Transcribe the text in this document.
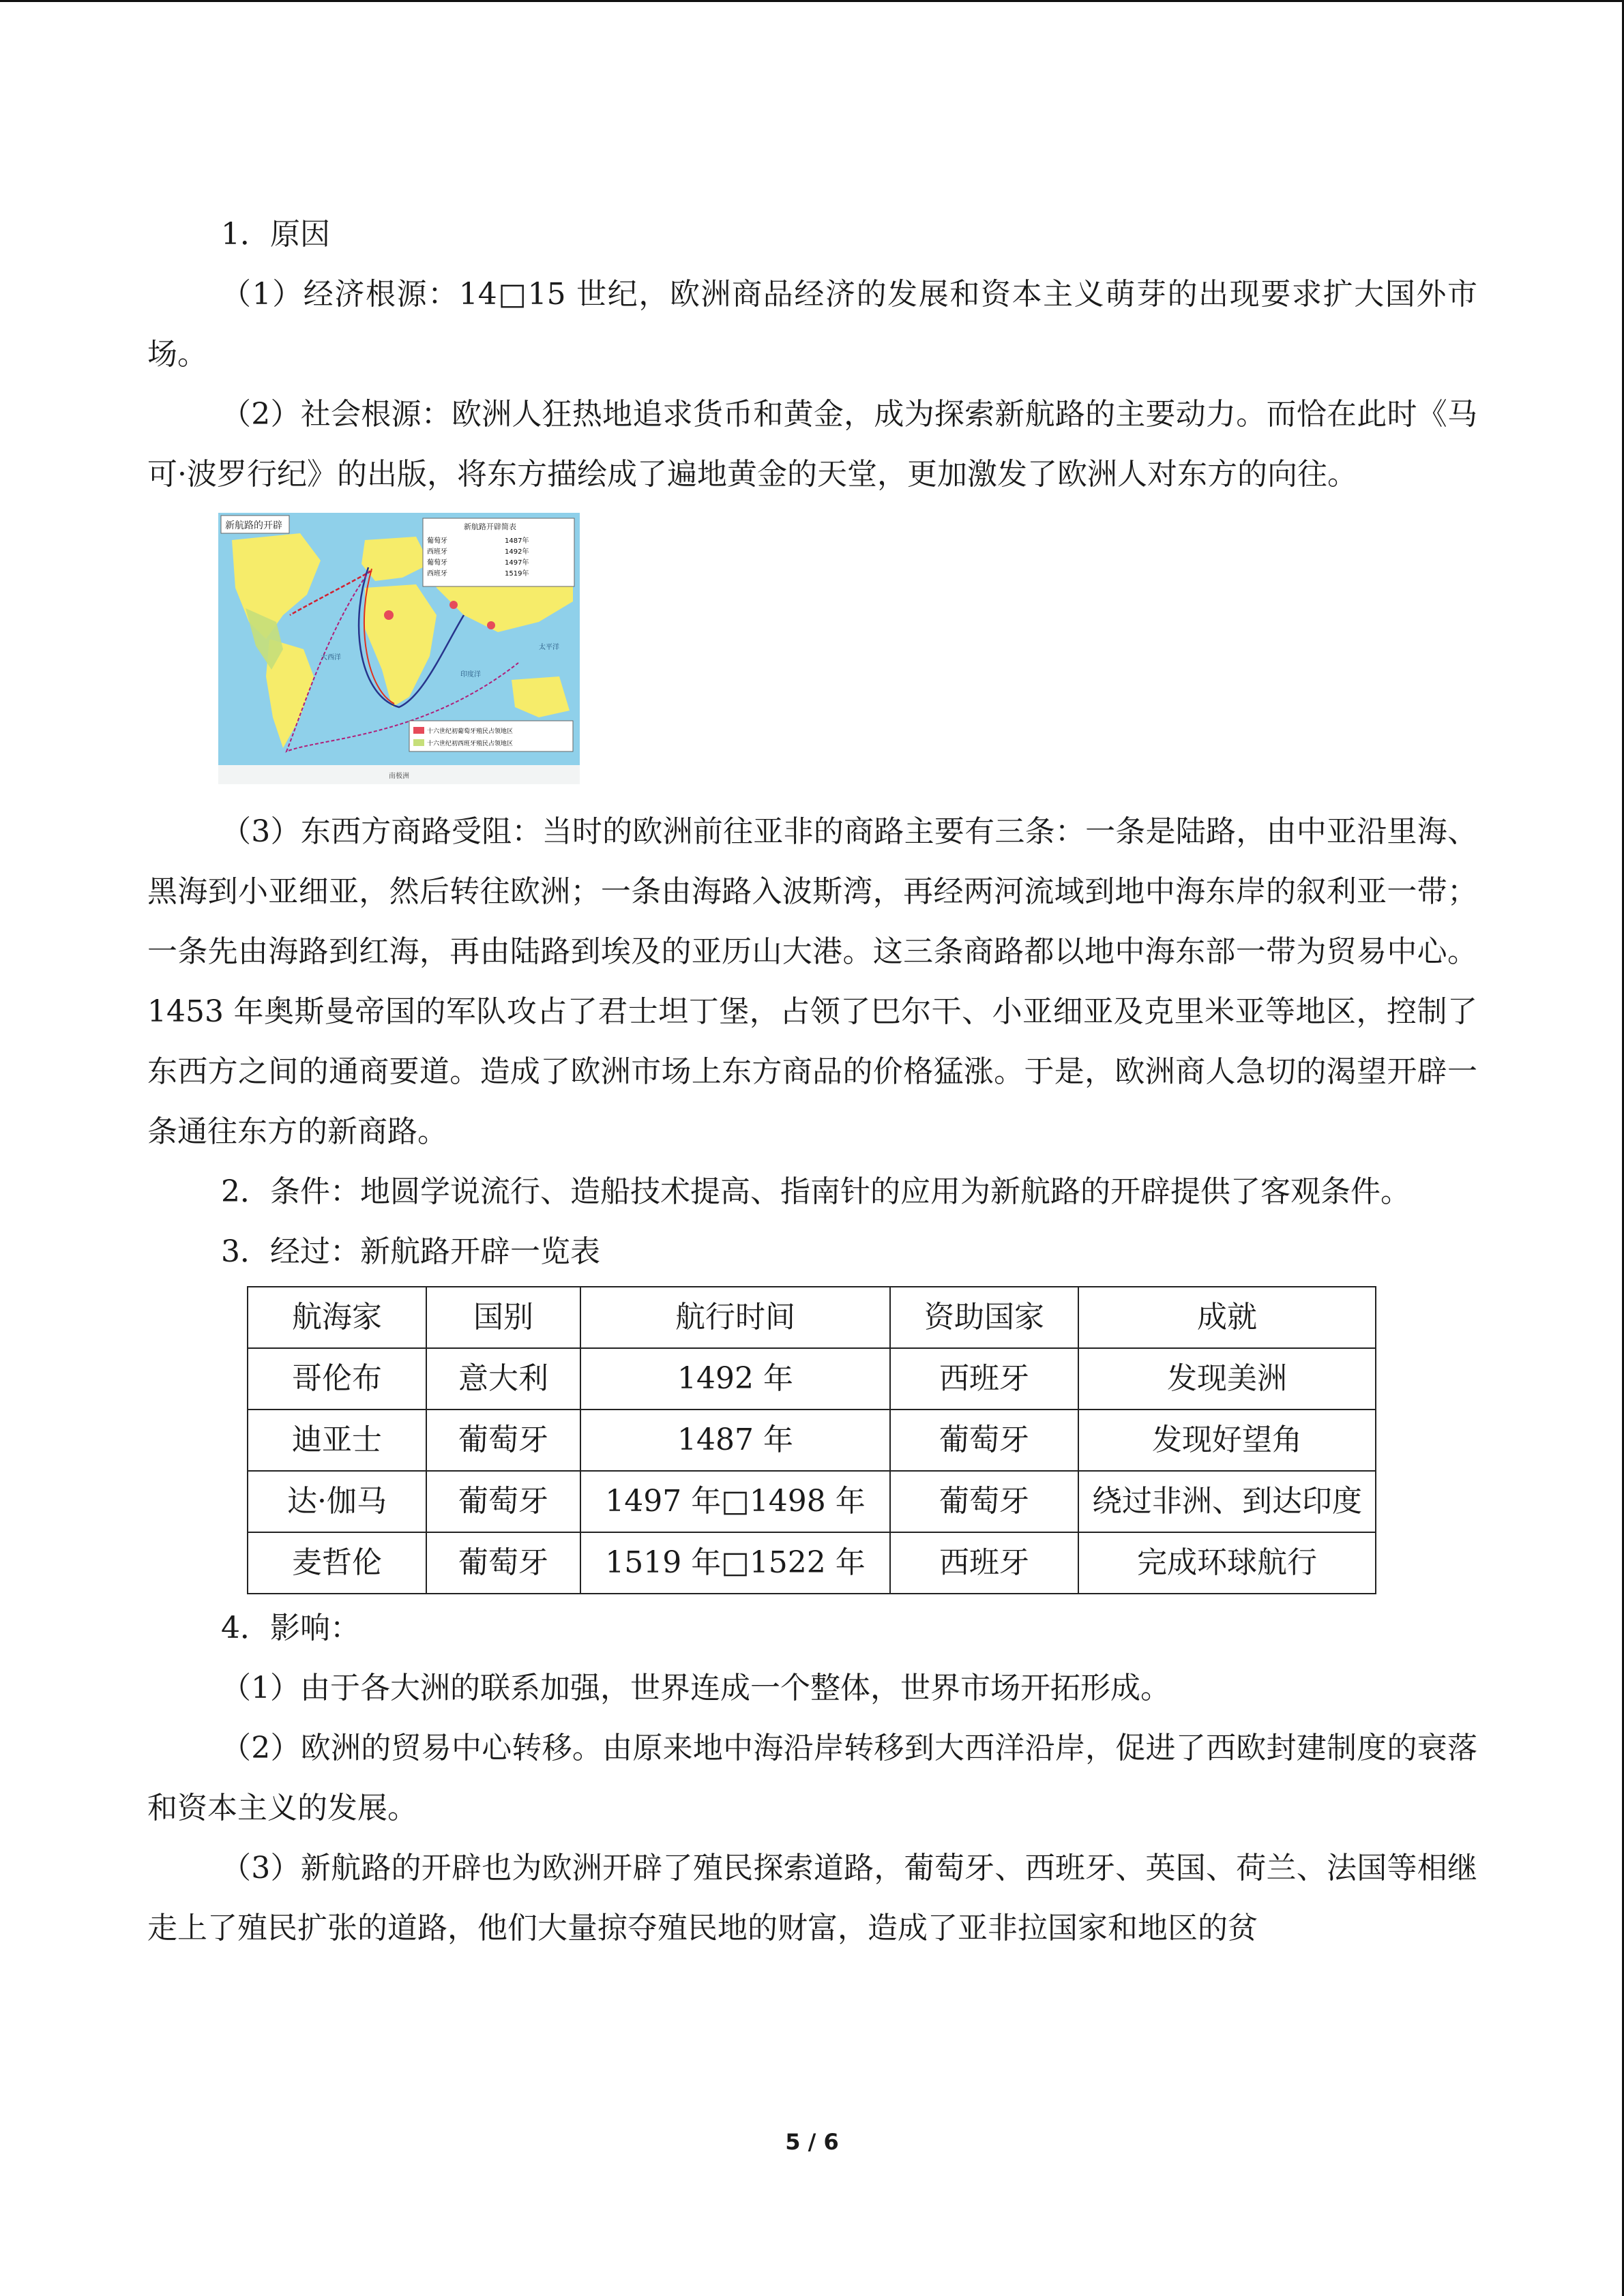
1．原因

（1）经济根源：14□15 世纪，欧洲商品经济的发展和资本主义萌芽的出现要求扩大国外市场。

（2）社会根源：欧洲人狂热地追求货币和黄金，成为探索新航路的主要动力。而恰在此时《马可·波罗行纪》的出版，将东方描绘成了遍地黄金的天堂，更加激发了欧洲人对东方的向往。

新航路的开辟	新航路开辟简表
葡萄牙	1487年
西班牙	1492年
葡萄牙	1497年
西班牙	1519年
大西洋
印度洋
太平洋
南极洲
十六世纪初葡萄牙殖民占领地区
十六世纪初西班牙殖民占领地区

（3）东西方商路受阻：当时的欧洲前往亚非的商路主要有三条：一条是陆路，由中亚沿里海、黑海到小亚细亚，然后转往欧洲；一条由海路入波斯湾，再经两河流域到地中海东岸的叙利亚一带；一条先由海路到红海，再由陆路到埃及的亚历山大港。这三条商路都以地中海东部一带为贸易中心。1453 年奥斯曼帝国的军队攻占了君士坦丁堡，占领了巴尔干、小亚细亚及克里米亚等地区，控制了东西方之间的通商要道。造成了欧洲市场上东方商品的价格猛涨。于是，欧洲商人急切的渴望开辟一条通往东方的新商路。

2．条件：地圆学说流行、造船技术提高、指南针的应用为新航路的开辟提供了客观条件。

3．经过：新航路开辟一览表

航海家	国别	航行时间	资助国家	成就
哥伦布	意大利	1492 年	西班牙	发现美洲
迪亚士	葡萄牙	1487 年	葡萄牙	发现好望角
达·伽马	葡萄牙	1497 年□1498 年	葡萄牙	绕过非洲、到达印度
麦哲伦	葡萄牙	1519 年□1522 年	西班牙	完成环球航行

4．影响：

（1）由于各大洲的联系加强，世界连成一个整体，世界市场开拓形成。

（2）欧洲的贸易中心转移。由原来地中海沿岸转移到大西洋沿岸，促进了西欧封建制度的衰落和资本主义的发展。

（3）新航路的开辟也为欧洲开辟了殖民探索道路，葡萄牙、西班牙、英国、荷兰、法国等相继走上了殖民扩张的道路，他们大量掠夺殖民地的财富，造成了亚非拉国家和地区的贫

5 / 6
